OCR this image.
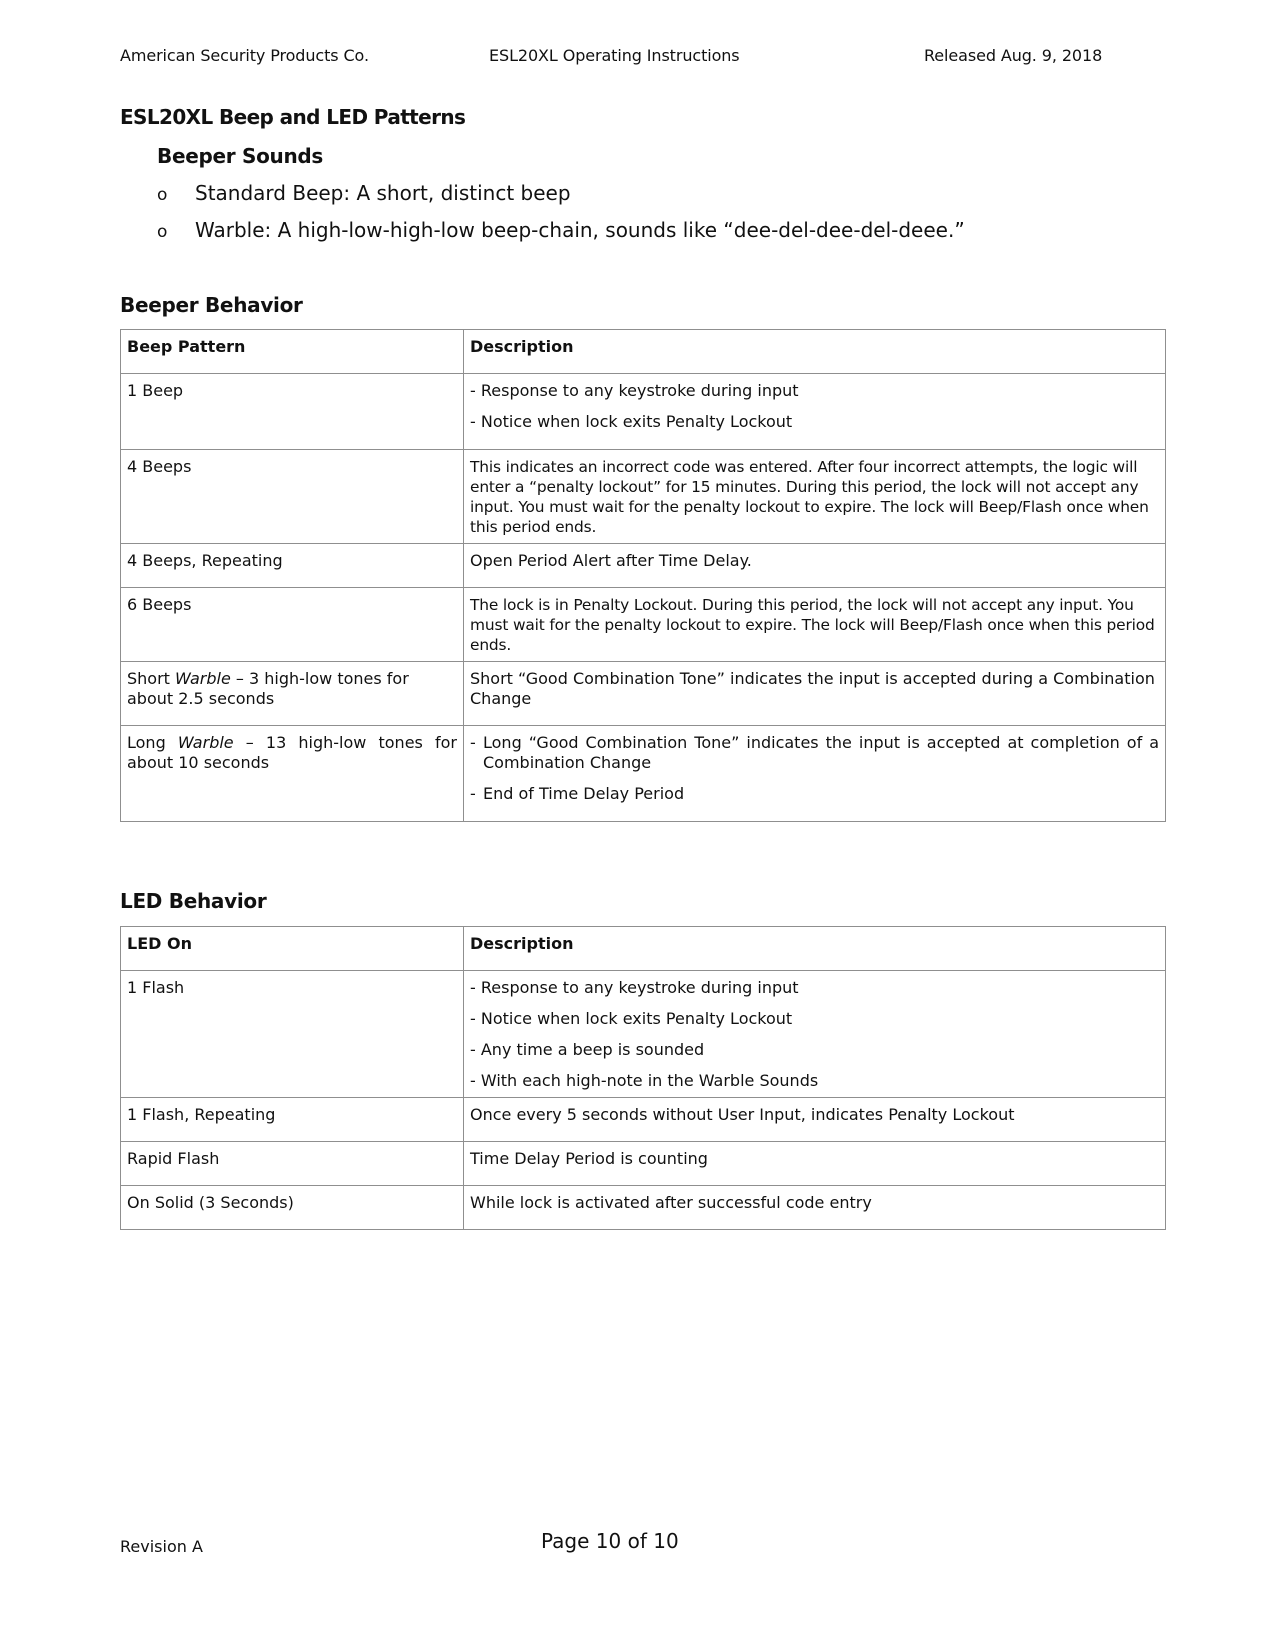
American Security Products Co.	ESL20XL Operating Instructions	Released Aug. 9, 2018
ESL20XL Beep and LED Patterns
Beeper Sounds
o	Standard Beep: A short, distinct beep
o	Warble: A high-low-high-low beep-chain, sounds like “dee-del-dee-del-deee.”
Beeper Behavior
Beep Pattern	Description
1 Beep	- Response to any keystroke during input
- Notice when lock exits Penalty Lockout

4 Beeps	This indicates an incorrect code was entered. After four incorrect attempts, the logic will enter a “penalty lockout” for 15 minutes. During this period, the lock will not accept any input. You must wait for the penalty lockout to expire. The lock will Beep/Flash once when this period ends.
4 Beeps, Repeating	Open Period Alert after Time Delay.
6 Beeps	The lock is in Penalty Lockout. During this period, the lock will not accept any input. You must wait for the penalty lockout to expire. The lock will Beep/Flash once when this period ends.
Short Warble – 3 high-low tones for about 2.5 seconds	Short “Good Combination Tone” indicates the input is accepted during a Combination Change
Long Warble – 13 high-low tones for about 10 seconds	- Long “Good Combination Tone” indicates the input is accepted at completion of a Combination Change
- End of Time Delay Period
LED Behavior
LED On	Description
1 Flash	- Response to any keystroke during input
- Notice when lock exits Penalty Lockout
- Any time a beep is sounded
- With each high-note in the Warble Sounds

1 Flash, Repeating	Once every 5 seconds without User Input, indicates Penalty Lockout
Rapid Flash	Time Delay Period is counting
On Solid (3 Seconds)	While lock is activated after successful code entry
Revision A	Page 10 of 10
